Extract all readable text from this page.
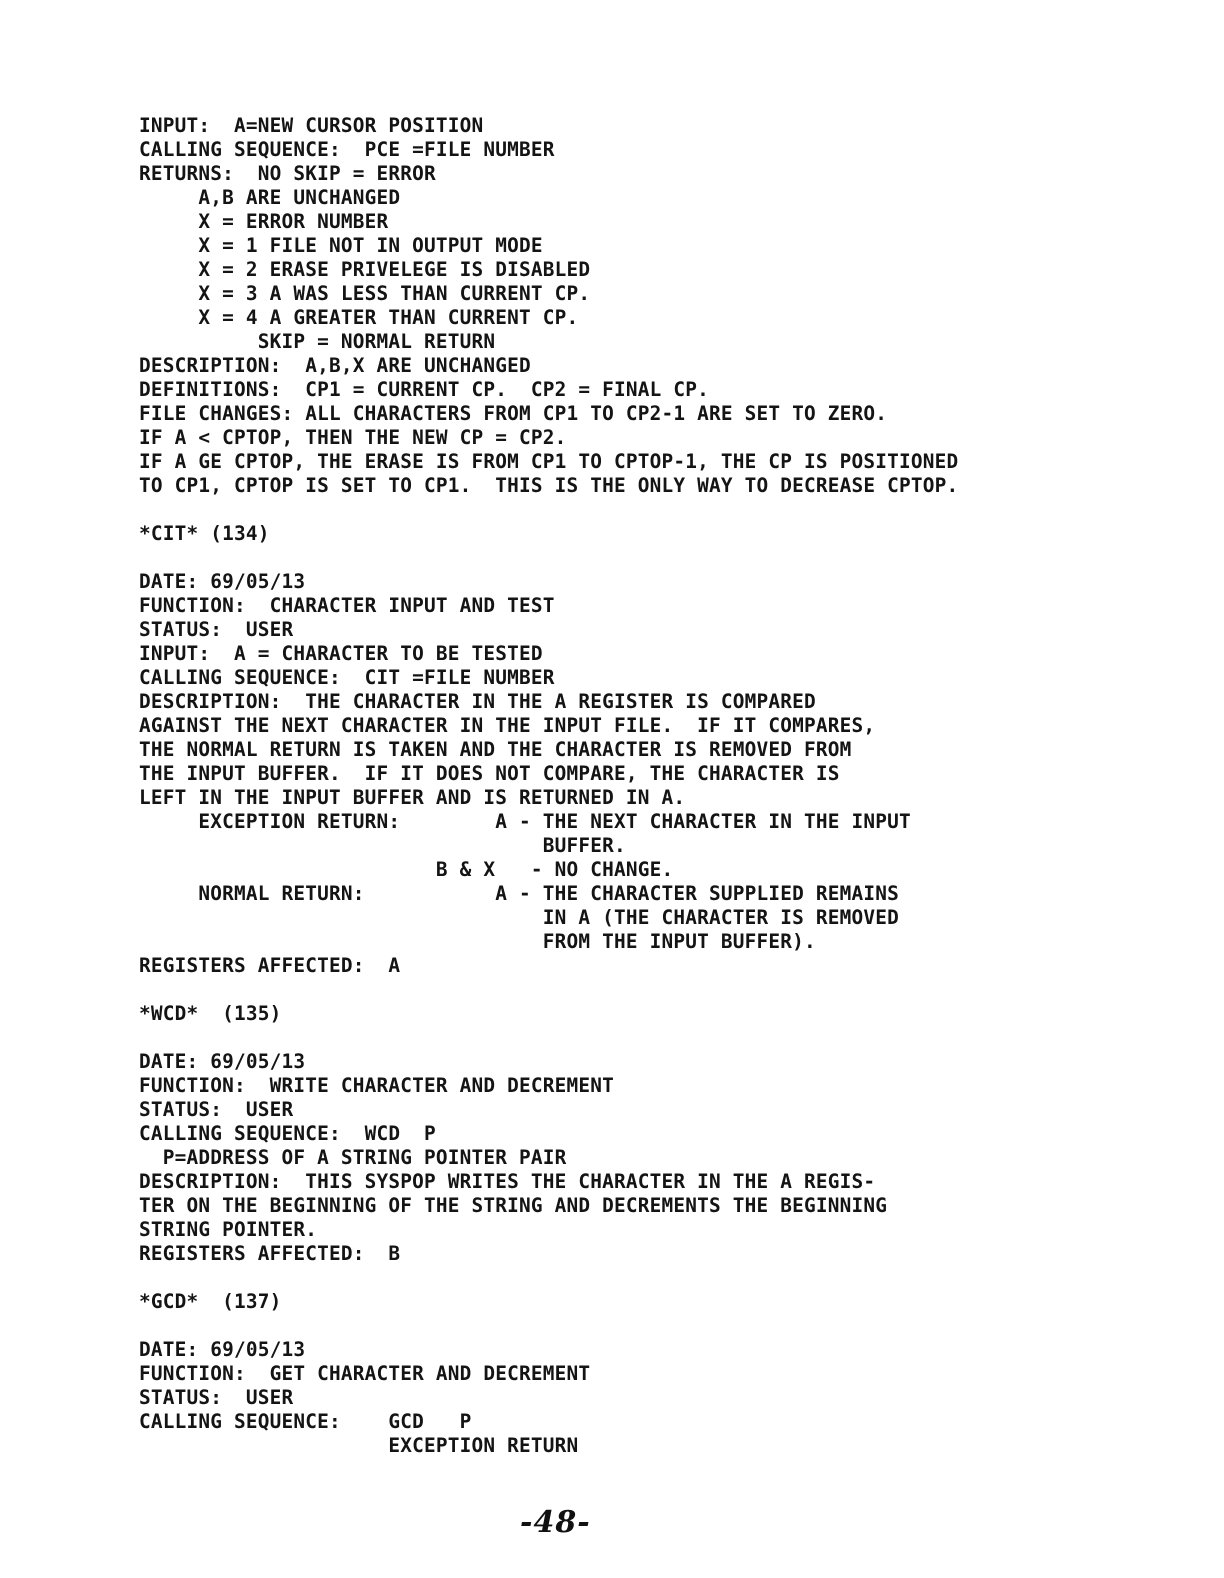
INPUT:  A=NEW CURSOR POSITION
CALLING SEQUENCE:  PCE =FILE NUMBER
RETURNS:  NO SKIP = ERROR
A,B ARE UNCHANGED
X = ERROR NUMBER
X = 1 FILE NOT IN OUTPUT MODE
X = 2 ERASE PRIVELEGE IS DISABLED
X = 3 A WAS LESS THAN CURRENT CP.
X = 4 A GREATER THAN CURRENT CP.
SKIP = NORMAL RETURN
DESCRIPTION:  A,B,X ARE UNCHANGED
DEFINITIONS:  CP1 = CURRENT CP.  CP2 = FINAL CP.
FILE CHANGES: ALL CHARACTERS FROM CP1 TO CP2-1 ARE SET TO ZERO.
IF A < CPTOP, THEN THE NEW CP = CP2.
IF A GE CPTOP, THE ERASE IS FROM CP1 TO CPTOP-1, THE CP IS POSITIONED
TO CP1, CPTOP IS SET TO CP1.  THIS IS THE ONLY WAY TO DECREASE CPTOP.
*CIT* (134)
DATE: 69/05/13
FUNCTION:  CHARACTER INPUT AND TEST
STATUS:  USER
INPUT:  A = CHARACTER TO BE TESTED
CALLING SEQUENCE:  CIT =FILE NUMBER
DESCRIPTION:  THE CHARACTER IN THE A REGISTER IS COMPARED
AGAINST THE NEXT CHARACTER IN THE INPUT FILE.  IF IT COMPARES,
THE NORMAL RETURN IS TAKEN AND THE CHARACTER IS REMOVED FROM
THE INPUT BUFFER.  IF IT DOES NOT COMPARE, THE CHARACTER IS
LEFT IN THE INPUT BUFFER AND IS RETURNED IN A.
EXCEPTION RETURN:        A - THE NEXT CHARACTER IN THE INPUT
BUFFER.
B & X   - NO CHANGE.
NORMAL RETURN:           A - THE CHARACTER SUPPLIED REMAINS
IN A (THE CHARACTER IS REMOVED
FROM THE INPUT BUFFER).
REGISTERS AFFECTED:  A
*WCD*  (135)
DATE: 69/05/13
FUNCTION:  WRITE CHARACTER AND DECREMENT
STATUS:  USER
CALLING SEQUENCE:  WCD  P
P=ADDRESS OF A STRING POINTER PAIR
DESCRIPTION:  THIS SYSPOP WRITES THE CHARACTER IN THE A REGIS-
TER ON THE BEGINNING OF THE STRING AND DECREMENTS THE BEGINNING
STRING POINTER.
REGISTERS AFFECTED:  B
*GCD*  (137)
DATE: 69/05/13
FUNCTION:  GET CHARACTER AND DECREMENT
STATUS:  USER
CALLING SEQUENCE:    GCD   P
EXCEPTION RETURN
-48-
